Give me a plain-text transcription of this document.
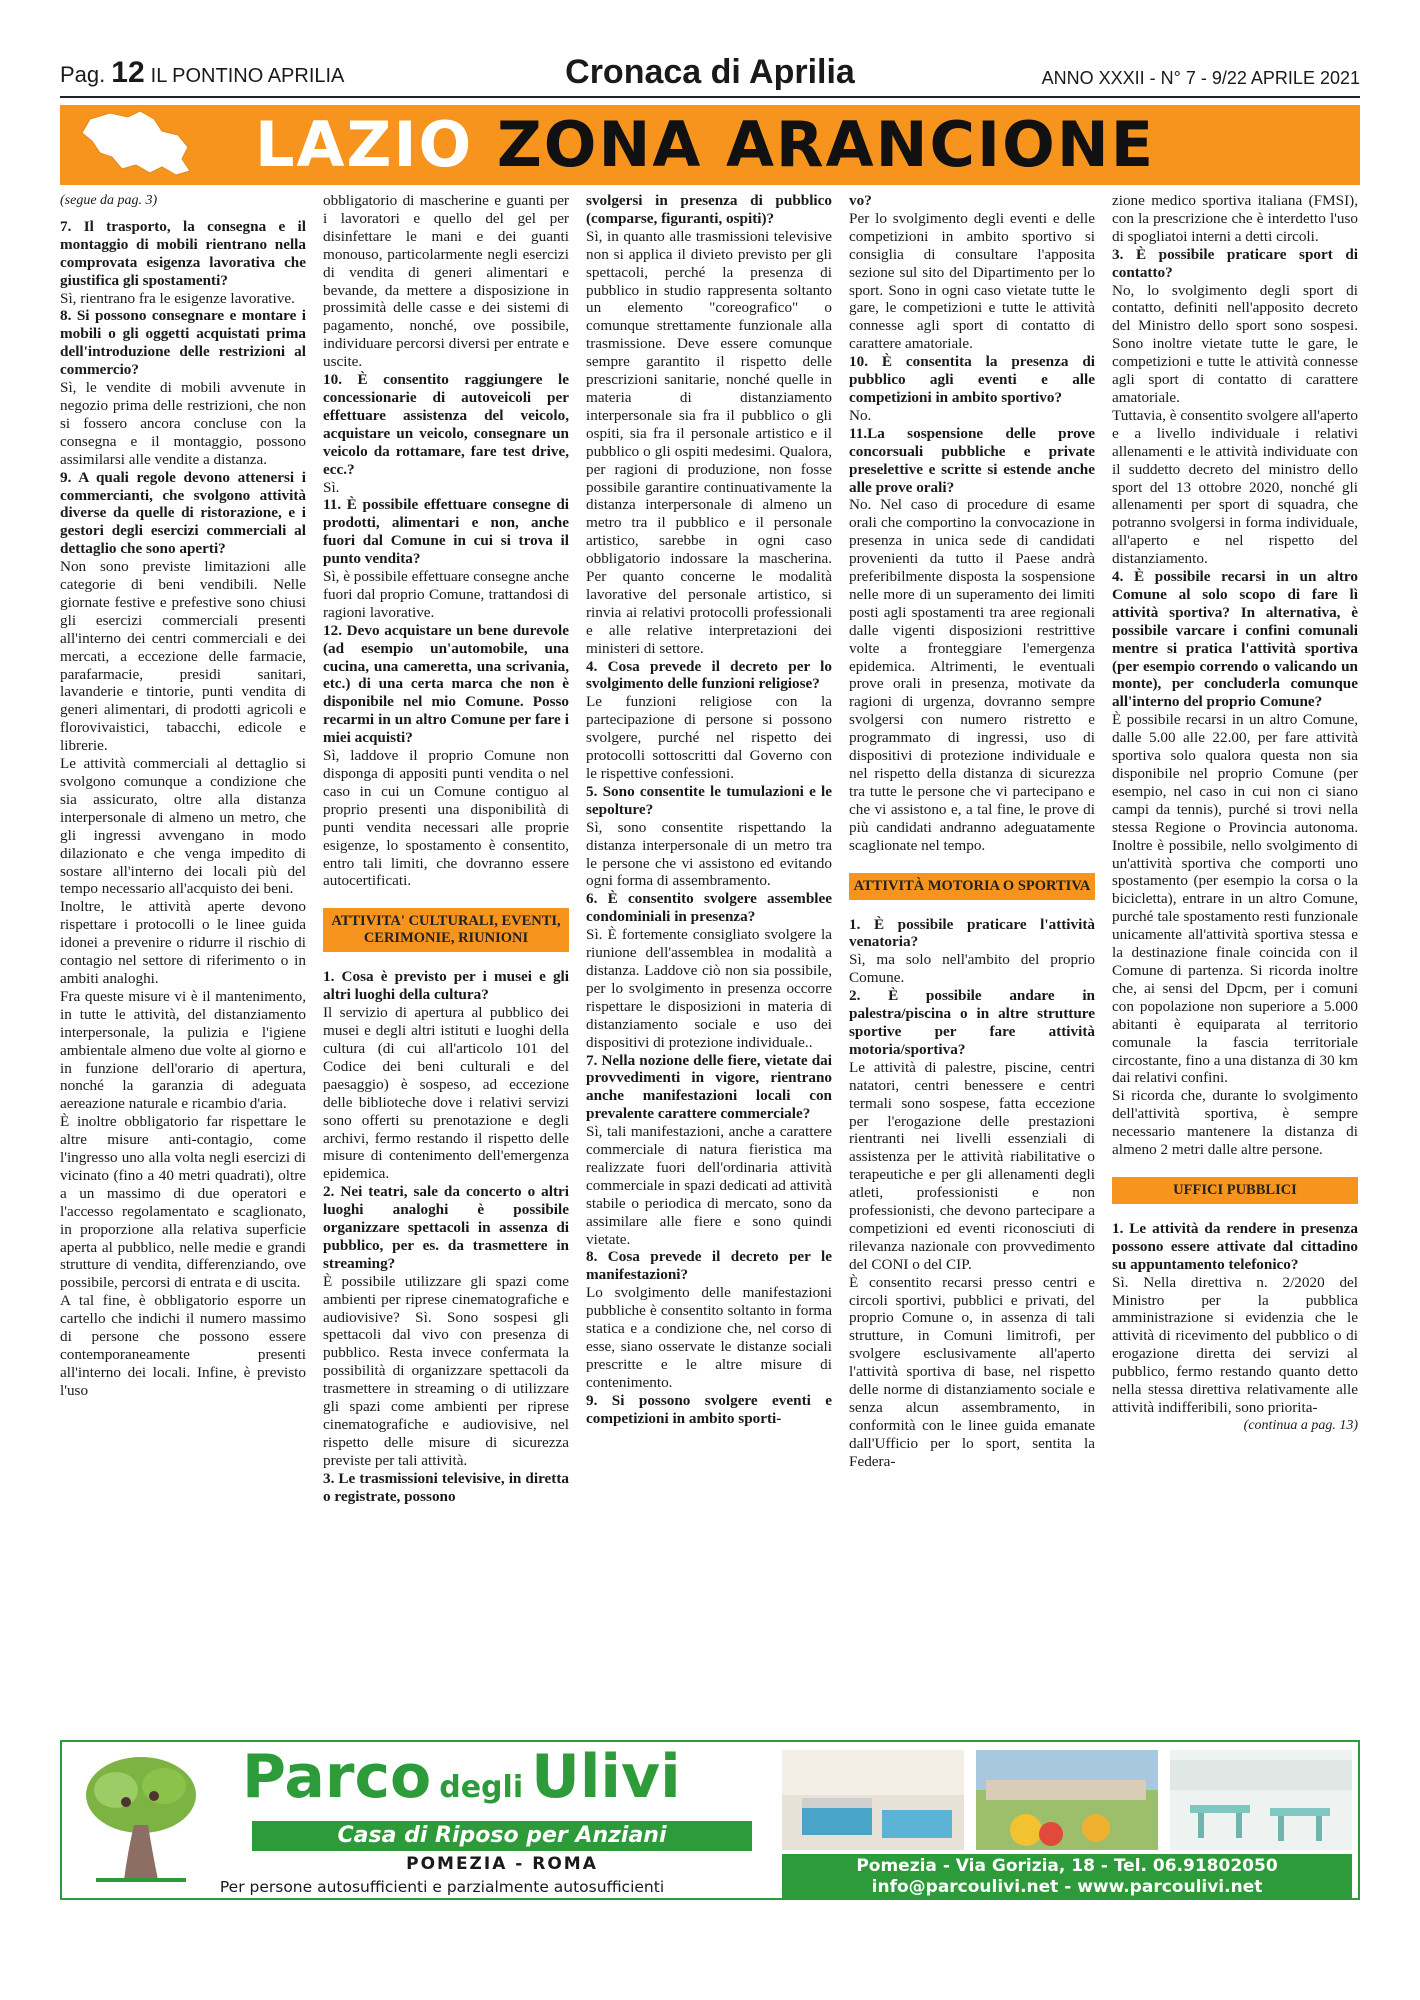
Pag. 12 IL PONTINO APRILIA	Cronaca di Aprilia	ANNO XXXII - N° 7 - 9/22 APRILE 2021
LAZIO ZONA ARANCIONE

(segue da pag. 3)

7. Il trasporto, la consegna e il montaggio di mobili rientrano nella comprovata esigenza lavorativa che giustifica gli spostamenti?

Sì, rientrano fra le esigenze lavorative.

8. Si possono consegnare e montare i mobili o gli oggetti acquistati prima dell'introduzione delle restrizioni al commercio?

Sì, le vendite di mobili avvenute in negozio prima delle restrizioni, che non si fossero ancora concluse con la consegna e il montaggio, possono assimilarsi alle vendite a distanza.

9. A quali regole devono attenersi i commercianti, che svolgono attività diverse da quelle di ristorazione, e i gestori degli esercizi commerciali al dettaglio che sono aperti?

Non sono previste limitazioni alle categorie di beni vendibili. Nelle giornate festive e prefestive sono chiusi gli esercizi commerciali presenti all'interno dei centri commerciali e dei mercati, a eccezione delle farmacie, parafarmacie, presidi sanitari, lavanderie e tintorie, punti vendita di generi alimentari, di prodotti agricoli e florovivaistici, tabacchi, edicole e librerie.

Le attività commerciali al dettaglio si svolgono comunque a condizione che sia assicurato, oltre alla distanza interpersonale di almeno un metro, che gli ingressi avvengano in modo dilazionato e che venga impedito di sostare all'interno dei locali più del tempo necessario all'acquisto dei beni.

Inoltre, le attività aperte devono rispettare i protocolli o le linee guida idonei a prevenire o ridurre il rischio di contagio nel settore di riferimento o in ambiti analoghi.

Fra queste misure vi è il mantenimento, in tutte le attività, del distanziamento interpersonale, la pulizia e l'igiene ambientale almeno due volte al giorno e in funzione dell'orario di apertura, nonché la garanzia di adeguata aereazione naturale e ricambio d'aria.

È inoltre obbligatorio far rispettare le altre misure anti-contagio, come l'ingresso uno alla volta negli esercizi di vicinato (fino a 40 metri quadrati), oltre a un massimo di due operatori e l'accesso regolamentato e scaglionato, in proporzione alla relativa superficie aperta al pubblico, nelle medie e grandi strutture di vendita, differenziando, ove possibile, percorsi di entrata e di uscita.

A tal fine, è obbligatorio esporre un cartello che indichi il numero massimo di persone che possono essere contemporaneamente presenti all'interno dei locali. Infine, è previsto l'uso

obbligatorio di mascherine e guanti per i lavoratori e quello del gel per disinfettare le mani e dei guanti monouso, particolarmente negli esercizi di vendita di generi alimentari e bevande, da mettere a disposizione in prossimità delle casse e dei sistemi di pagamento, nonché, ove possibile, individuare percorsi diversi per entrate e uscite.

10. È consentito raggiungere le concessionarie di autoveicoli per effettuare assistenza del veicolo, acquistare un veicolo, consegnare un veicolo da rottamare, fare test drive, ecc.?

Sì.

11. È possibile effettuare consegne di prodotti, alimentari e non, anche fuori dal Comune in cui si trova il punto vendita?

Sì, è possibile effettuare consegne anche fuori dal proprio Comune, trattandosi di ragioni lavorative.

12. Devo acquistare un bene durevole (ad esempio un'automobile, una cucina, una cameretta, una scrivania, etc.) di una certa marca che non è disponibile nel mio Comune. Posso recarmi in un altro Comune per fare i miei acquisti?

Sì, laddove il proprio Comune non disponga di appositi punti vendita o nel caso in cui un Comune contiguo al proprio presenti una disponibilità di punti vendita necessari alle proprie esigenze, lo spostamento è consentito, entro tali limiti, che dovranno essere autocertificati.

ATTIVITA' CULTURALI, EVENTI, CERIMONIE, RIUNIONI

1. Cosa è previsto per i musei e gli altri luoghi della cultura?

Il servizio di apertura al pubblico dei musei e degli altri istituti e luoghi della cultura (di cui all'articolo 101 del Codice dei beni culturali e del paesaggio) è sospeso, ad eccezione delle biblioteche dove i relativi servizi sono offerti su prenotazione e degli archivi, fermo restando il rispetto delle misure di contenimento dell'emergenza epidemica.

2. Nei teatri, sale da concerto o altri luoghi analoghi è possibile organizzare spettacoli in assenza di pubblico, per es. da trasmettere in streaming?

È possibile utilizzare gli spazi come ambienti per riprese cinematografiche e audiovisive? Sì. Sono sospesi gli spettacoli dal vivo con presenza di pubblico. Resta invece confermata la possibilità di organizzare spettacoli da trasmettere in streaming o di utilizzare gli spazi come ambienti per riprese cinematografiche e audiovisive, nel rispetto delle misure di sicurezza previste per tali attività.

3. Le trasmissioni televisive, in diretta o registrate, possono

svolgersi in presenza di pubblico (comparse, figuranti, ospiti)?

Sì, in quanto alle trasmissioni televisive non si applica il divieto previsto per gli spettacoli, perché la presenza di pubblico in studio rappresenta soltanto un elemento "coreografico" o comunque strettamente funzionale alla trasmissione. Deve essere comunque sempre garantito il rispetto delle prescrizioni sanitarie, nonché quelle in materia di distanziamento interpersonale sia fra il pubblico o gli ospiti, sia fra il personale artistico e il pubblico o gli ospiti medesimi. Qualora, per ragioni di produzione, non fosse possibile garantire continuativamente la distanza interpersonale di almeno un metro tra il pubblico e il personale artistico, sarebbe in ogni caso obbligatorio indossare la mascherina. Per quanto concerne le modalità lavorative del personale artistico, si rinvia ai relativi protocolli professionali e alle relative interpretazioni dei ministeri di settore.

4. Cosa prevede il decreto per lo svolgimento delle funzioni religiose?

Le funzioni religiose con la partecipazione di persone si possono svolgere, purché nel rispetto dei protocolli sottoscritti dal Governo con le rispettive confessioni.

5. Sono consentite le tumulazioni e le sepolture?

Sì, sono consentite rispettando la distanza interpersonale di un metro tra le persone che vi assistono ed evitando ogni forma di assembramento.

6. È consentito svolgere assemblee condominiali in presenza?

Sì. È fortemente consigliato svolgere la riunione dell'assemblea in modalità a distanza. Laddove ciò non sia possibile, per lo svolgimento in presenza occorre rispettare le disposizioni in materia di distanziamento sociale e uso dei dispositivi di protezione individuale..

7. Nella nozione delle fiere, vietate dai provvedimenti in vigore, rientrano anche manifestazioni locali con prevalente carattere commerciale?

Sì, tali manifestazioni, anche a carattere commerciale di natura fieristica ma realizzate fuori dell'ordinaria attività commerciale in spazi dedicati ad attività stabile o periodica di mercato, sono da assimilare alle fiere e sono quindi vietate.

8. Cosa prevede il decreto per le manifestazioni?

Lo svolgimento delle manifestazioni pubbliche è consentito soltanto in forma statica e a condizione che, nel corso di esse, siano osservate le distanze sociali prescritte e le altre misure di contenimento.

9. Si possono svolgere eventi e competizioni in ambito sporti-

vo?

Per lo svolgimento degli eventi e delle competizioni in ambito sportivo si consiglia di consultare l'apposita sezione sul sito del Dipartimento per lo sport. Sono in ogni caso vietate tutte le gare, le competizioni e tutte le attività connesse agli sport di contatto di carattere amatoriale.

10. È consentita la presenza di pubblico agli eventi e alle competizioni in ambito sportivo?

No.

11.La sospensione delle prove concorsuali pubbliche e private preselettive e scritte si estende anche alle prove orali?

No. Nel caso di procedure di esame orali che comportino la convocazione in presenza in unica sede di candidati provenienti da tutto il Paese andrà preferibilmente disposta la sospensione nelle more di un superamento dei limiti posti agli spostamenti tra aree regionali dalle vigenti disposizioni restrittive volte a fronteggiare l'emergenza epidemica. Altrimenti, le eventuali prove orali in presenza, motivate da ragioni di urgenza, dovranno sempre svolgersi con numero ristretto e programmato di ingressi, uso di dispositivi di protezione individuale e nel rispetto della distanza di sicurezza tra tutte le persone che vi partecipano e che vi assistono e, a tal fine, le prove di più candidati andranno adeguatamente scaglionate nel tempo.

ATTIVITÀ MOTORIA O SPORTIVA

1. È possibile praticare l'attività venatoria?

Sì, ma solo nell'ambito del proprio Comune.

2. È possibile andare in palestra/piscina o in altre strutture sportive per fare attività motoria/sportiva?

Le attività di palestre, piscine, centri natatori, centri benessere e centri termali sono sospese, fatta eccezione per l'erogazione delle prestazioni rientranti nei livelli essenziali di assistenza per le attività riabilitative o terapeutiche e per gli allenamenti degli atleti, professionisti e non professionisti, che devono partecipare a competizioni ed eventi riconosciuti di rilevanza nazionale con provvedimento del CONI o del CIP.

È consentito recarsi presso centri e circoli sportivi, pubblici e privati, del proprio Comune o, in assenza di tali strutture, in Comuni limitrofi, per svolgere esclusivamente all'aperto l'attività sportiva di base, nel rispetto delle norme di distanziamento sociale e senza alcun assembramento, in conformità con le linee guida emanate dall'Ufficio per lo sport, sentita la Federa-

zione medico sportiva italiana (FMSI), con la prescrizione che è interdetto l'uso di spogliatoi interni a detti circoli.

3. È possibile praticare sport di contatto?

No, lo svolgimento degli sport di contatto, definiti nell'apposito decreto del Ministro dello sport sono sospesi. Sono inoltre vietate tutte le gare, le competizioni e tutte le attività connesse agli sport di contatto di carattere amatoriale.

Tuttavia, è consentito svolgere all'aperto e a livello individuale i relativi allenamenti e le attività individuate con il suddetto decreto del ministro dello sport del 13 ottobre 2020, nonché gli allenamenti per sport di squadra, che potranno svolgersi in forma individuale, all'aperto e nel rispetto del distanziamento.

4. È possibile recarsi in un altro Comune al solo scopo di fare lì attività sportiva? In alternativa, è possibile varcare i confini comunali mentre si pratica l'attività sportiva (per esempio correndo o valicando un monte), per concluderla comunque all'interno del proprio Comune?

È possibile recarsi in un altro Comune, dalle 5.00 alle 22.00, per fare attività sportiva solo qualora questa non sia disponibile nel proprio Comune (per esempio, nel caso in cui non ci siano campi da tennis), purché si trovi nella stessa Regione o Provincia autonoma. Inoltre è possibile, nello svolgimento di un'attività sportiva che comporti uno spostamento (per esempio la corsa o la bicicletta), entrare in un altro Comune, purché tale spostamento resti funzionale unicamente all'attività sportiva stessa e la destinazione finale coincida con il Comune di partenza. Si ricorda inoltre che, ai sensi del Dpcm, per i comuni con popolazione non superiore a 5.000 abitanti è equiparata al territorio comunale la fascia territoriale circostante, fino a una distanza di 30 km dai relativi confini.

Si ricorda che, durante lo svolgimento dell'attività sportiva, è sempre necessario mantenere la distanza di almeno 2 metri dalle altre persone.

UFFICI PUBBLICI

1. Le attività da rendere in presenza possono essere attivate dal cittadino su appuntamento telefonico?

Sì. Nella direttiva n. 2/2020 del Ministro per la pubblica amministrazione si evidenzia che le attività di ricevimento del pubblico o di erogazione diretta dei servizi al pubblico, fermo restando quanto detto nella stessa direttiva relativamente alle attività indifferibili, sono prioritа-

(continua a pag. 13)

Parco degli Ulivi
Casa di Riposo per Anziani
POMEZIA - ROMA
Per persone autosufficienti e parzialmente autosufficienti
Pomezia - Via Gorizia, 18 - Tel. 06.91802050
info@parcoulivi.net - www.parcoulivi.net
